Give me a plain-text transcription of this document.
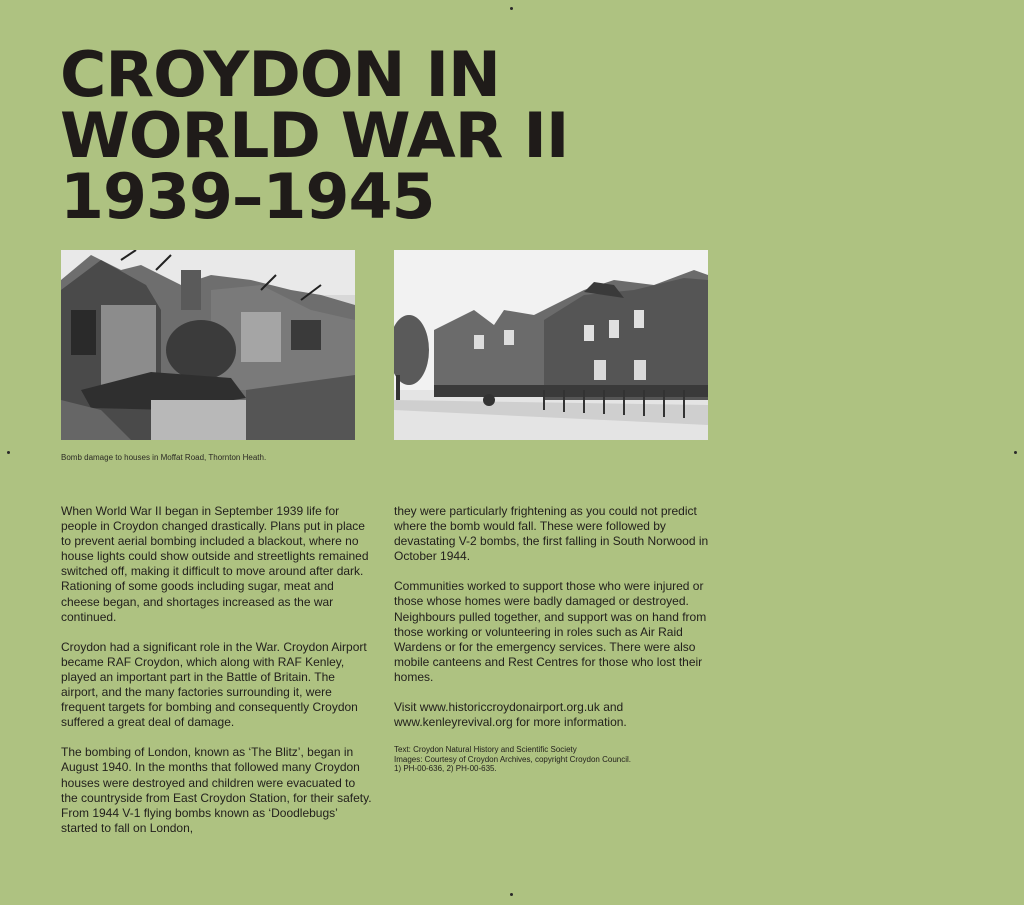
CROYDON IN
WORLD WAR II
1939–1945

Bomb damage to houses in Moffat Road, Thornton Heath.

When World War II began in September 1939 life for people in Croydon changed drastically. Plans put in place to prevent aerial bombing included a blackout, where no house lights could show outside and streetlights remained switched off, making it difficult to move around after dark. Rationing of some goods including sugar, meat and cheese began, and shortages increased as the war continued.

Croydon had a significant role in the War. Croydon Airport became RAF Croydon, which along with RAF Kenley, played an important part in the Battle of Britain. The airport, and the many factories surrounding it, were frequent targets for bombing and consequently Croydon suffered a great deal of damage.

The bombing of London, known as ‘The Blitz’, began in August 1940. In the months that followed many Croydon houses were destroyed and children were evacuated to the countryside from East Croydon Station, for their safety. From 1944 V-1 flying bombs known as ‘Doodlebugs’ started to fall on London,

they were particularly frightening as you could not predict where the bomb would fall. These were followed by devastating V-2 bombs, the first falling in South Norwood in October 1944.

Communities worked to support those who were injured or those whose homes were badly damaged or destroyed. Neighbours pulled together, and support was on hand from those working or volunteering in roles such as Air Raid Wardens or for the emergency services. There were also mobile canteens and Rest Centres for those who lost their homes.

Visit www.historiccroydonairport.org.uk and www.kenleyrevival.org for more information.

Text: Croydon Natural History and Scientific Society
Images: Courtesy of Croydon Archives, copyright Croydon Council.
1) PH-00-636, 2) PH-00-635.
